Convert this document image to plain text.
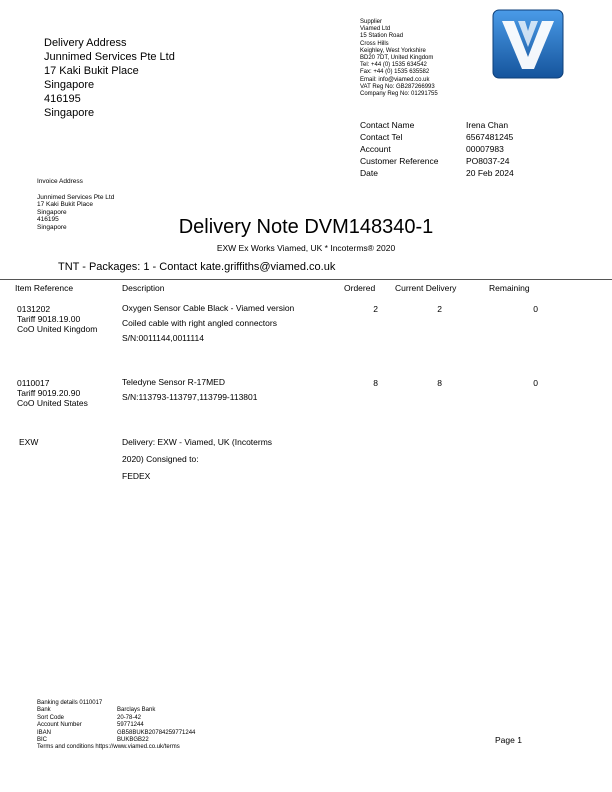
Delivery Address
Junnimed Services Pte Ltd
17 Kaki Bukit Place
Singapore
416195
Singapore
Supplier
Viamed Ltd
15 Station Road
Cross Hills
Keighley, West Yorkshire
BD20 7DT, United Kingdom
Tel: +44 (0) 1535 634542
Fax: +44 (0) 1535 635582
Email: info@viamed.co.uk
VAT Reg No: GB287266993
Company Reg No: 01291755
Contact Name	Irena Chan
Contact Tel	6567481245
Account	00007983
Customer Reference	PO8037-24
Date	20 Feb 2024
Invoice Address
Junnimed Services Pte Ltd
17 Kaki Bukit Place
Singapore
416195
Singapore	Delivery Note DVM148340-1
EXW Ex Works Viamed, UK * Incoterms® 2020
TNT - Packages: 1 - Contact kate.griffiths@viamed.co.uk
Item Reference	Description	Ordered Current Delivery	Remaining
0131202
Tariff 9018.19.00
CoO United Kingdom
Oxygen Sensor Cable Black - Viamed version
Coiled cable with right angled connectors
S/N:0011144,0011114
2	2	0
0110017
Tariff 9019.20.90
CoO United States
Teledyne Sensor R-17MED
S/N:113793-113797,113799-113801
8	8	0
EXW	Delivery: EXW - Viamed, UK (Incoterms
2020) Consigned to:
FEDEX
Banking details 0110017
Bank	Barclays Bank
Sort Code	20-78-42
Account Number	59771244
IBAN	GB58BUKB20784259771244
BIC	BUKBGB22
Terms and conditions https://www.viamed.co.uk/terms
Page 1
